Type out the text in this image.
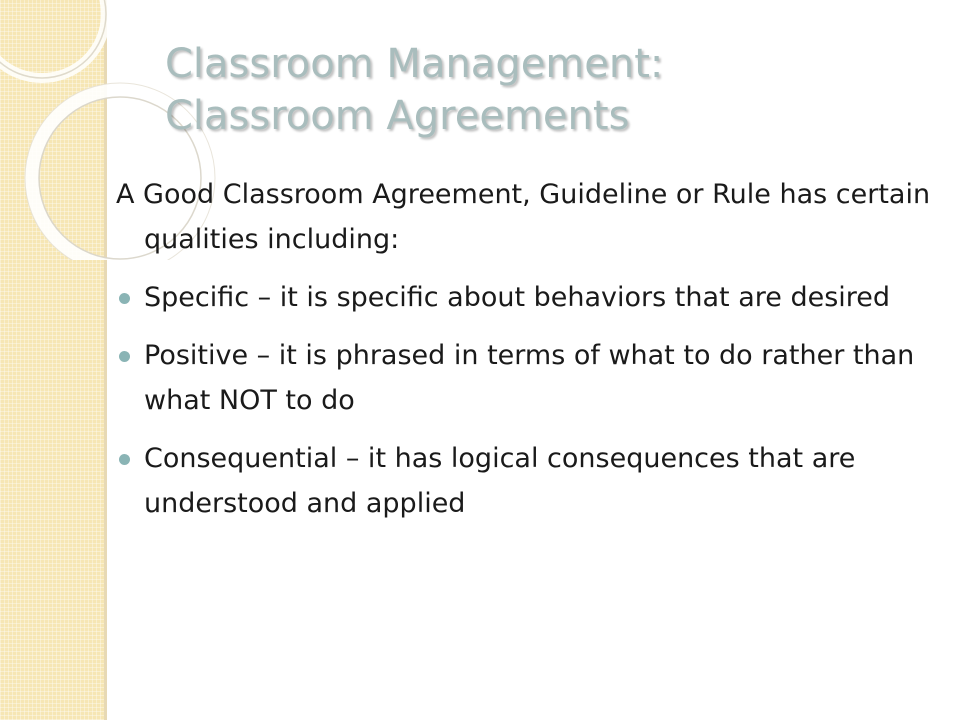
Classroom Management:
Classroom Agreements

A Good Classroom Agreement, Guideline or Rule has certain qualities including:

Specific – it is specific about behaviors that are desired
Positive – it is phrased in terms of what to do rather than what NOT to do
Consequential – it has logical consequences that are understood and applied
